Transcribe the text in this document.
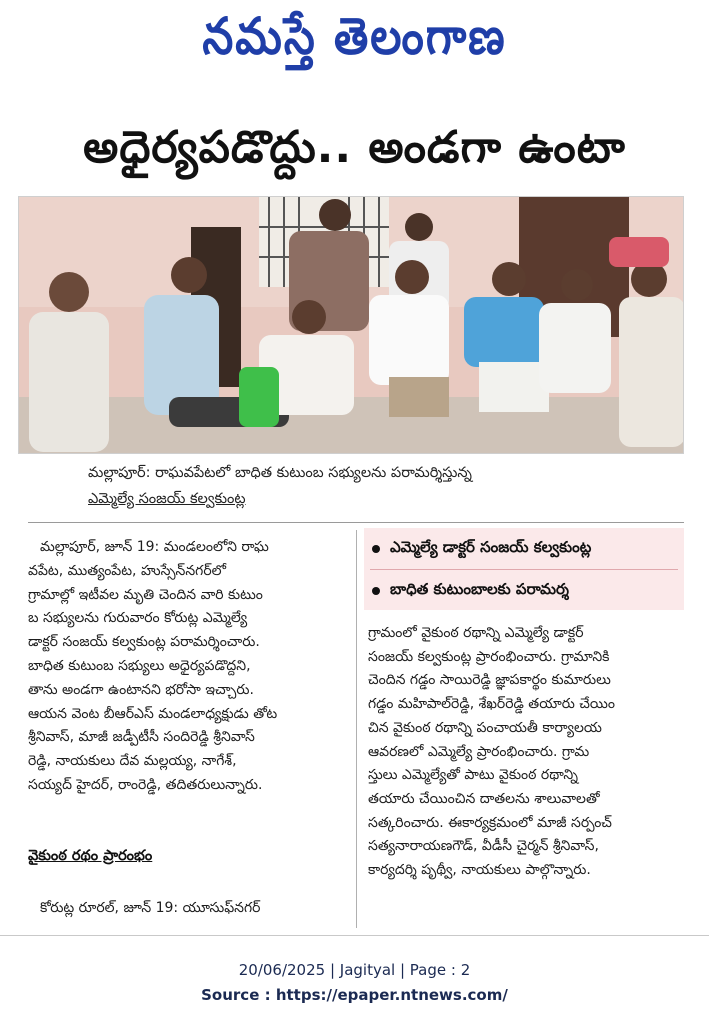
నమస్తే తెలంగాణ
అధైర్యపడొద్దు.. అండగా ఉంటా
మల్లాపూర్: రాఘవపేటలో బాధిత కుటుంబ సభ్యులను పరామర్శిస్తున్న
ఎమ్మెల్యే సంజయ్ కల్వకుంట్ల
మల్లాపూర్, జూన్ 19: మండలంలోని రాఘ
వపేట, ముత్యంపేట, హుస్సేన్‌నగర్‌లో
గ్రామాల్లో ఇటీవల మృతి చెందిన వారి కుటుం
బ సభ్యులను గురువారం కోరుట్ల ఎమ్మెల్యే
డాక్టర్ సంజయ్ కల్వకుంట్ల పరామర్శించారు.
బాధిత కుటుంబ సభ్యులు అధైర్యపడొద్దని,
తాను అండగా ఉంటానని భరోసా ఇచ్చారు.
ఆయన వెంట బీఆర్ఎస్ మండలాధ్యక్షుడు తోట
శ్రీనివాస్, మాజీ జడ్పీటీసీ సందిరెడ్డి శ్రీనివాస్
రెడ్డి, నాయకులు దేవ మల్లయ్య, నాగేశ్,
సయ్యద్ హైదర్, రాంరెడ్డి, తదితరులున్నారు.
వైకుంఠ రథం ప్రారంభం
కోరుట్ల రూరల్, జూన్ 19: యూసుఫ్‌నగర్
ఎమ్మెల్యే డాక్టర్ సంజయ్ కల్వకుంట్ల
బాధిత కుటుంబాలకు పరామర్శ
గ్రామంలో వైకుంఠ రథాన్ని ఎమ్మెల్యే డాక్టర్
సంజయ్ కల్వకుంట్ల ప్రారంభించారు. గ్రామానికి
చెందిన గడ్డం సాయిరెడ్డి జ్ఞాపకార్థం కుమారులు
గడ్డం మహిపాల్‌రెడ్డి, శేఖర్‌రెడ్డి తయారు చేయిం
చిన వైకుంఠ రథాన్ని పంచాయతీ కార్యాలయ
ఆవరణలో ఎమ్మెల్యే ప్రారంభించారు. గ్రామ
స్తులు ఎమ్మెల్యేతో పాటు వైకుంఠ రథాన్ని
తయారు చేయించిన దాతలను శాలువాలతో
సత్కరించారు. ఈకార్యక్రమంలో మాజీ సర్పంచ్
సత్యనారాయణగౌడ్, వీడీసీ చైర్మన్ శ్రీనివాస్,
కార్యదర్శి పృథ్వీ, నాయకులు పాల్గొన్నారు.
20/06/2025 | Jagityal | Page : 2
Source : https://epaper.ntnews.com/
